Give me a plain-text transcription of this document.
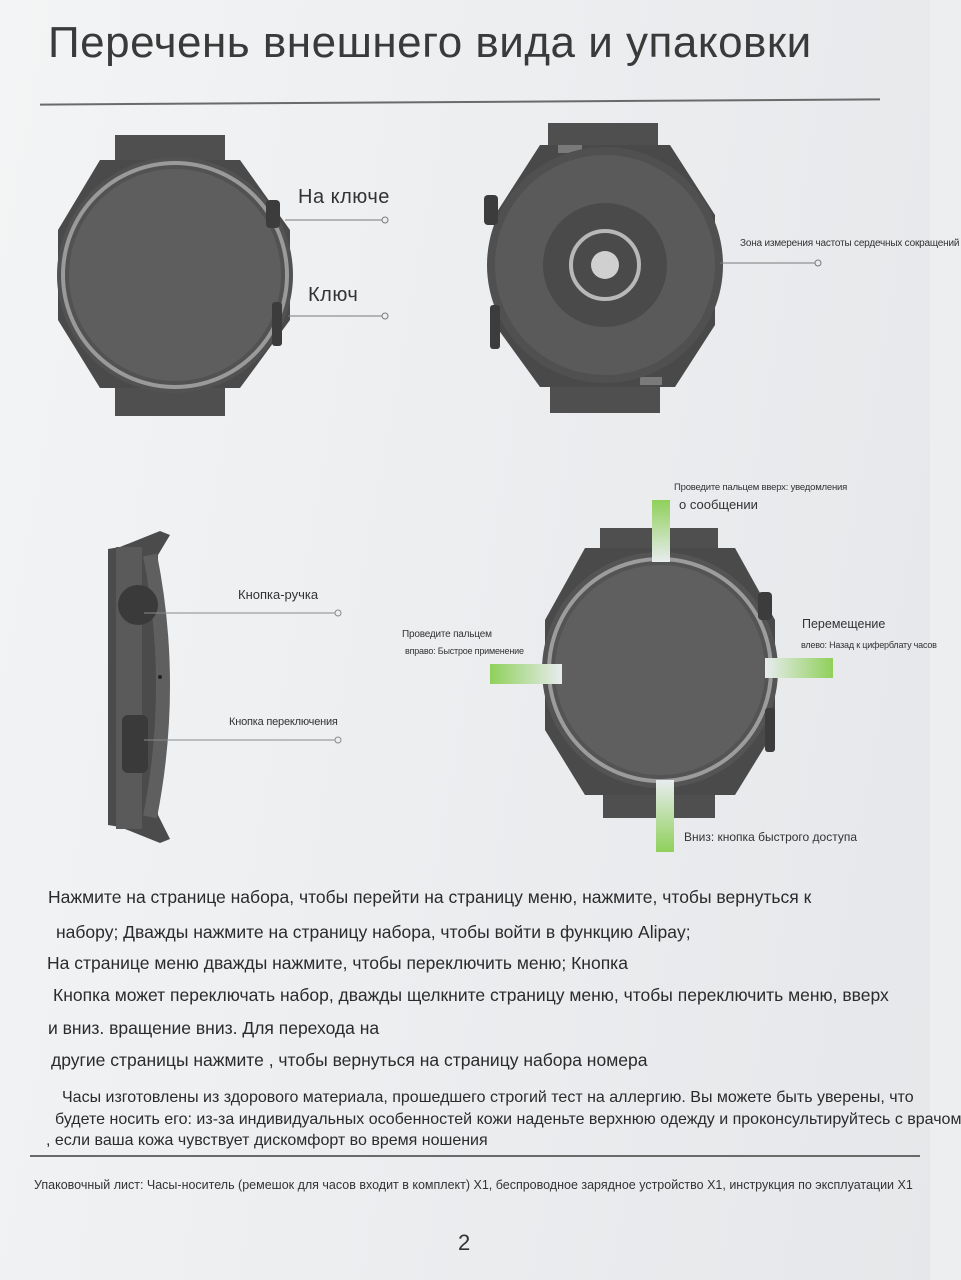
Перечень внешнего вида и упаковки
На ключе
Ключ
Зона измерения частоты сердечных сокращений
Кнопка-ручка
Кнопка переключения
Проведите пальцем вверх: уведомления
о сообщении
Проведите пальцем
вправо: Быстрое применение
Перемещение
влево: Назад к циферблату часов
Вниз: кнопка быстрого доступа
Нажмите на странице набора, чтобы перейти на страницу меню, нажмите, чтобы вернуться к
набору; Дважды нажмите на страницу набора, чтобы войти в функцию Alipay;
На странице меню дважды нажмите, чтобы переключить меню; Кнопка
Кнопка может переключать набор, дважды щелкните страницу меню, чтобы переключить меню, вверх
и вниз. вращение вниз. Для перехода на
другие страницы нажмите , чтобы вернуться на страницу набора номера
Часы изготовлены из здорового материала, прошедшего строгий тест на аллергию. Вы можете быть уверены, что
будете носить его: из-за индивидуальных особенностей кожи наденьте верхнюю одежду и проконсультируйтесь с врачом
, если ваша кожа чувствует дискомфорт во время ношения
Упаковочный лист: Часы-носитель (ремешок для часов входит в комплект) X1, беспроводное зарядное устройство X1, инструкция по эксплуатации X1
2
